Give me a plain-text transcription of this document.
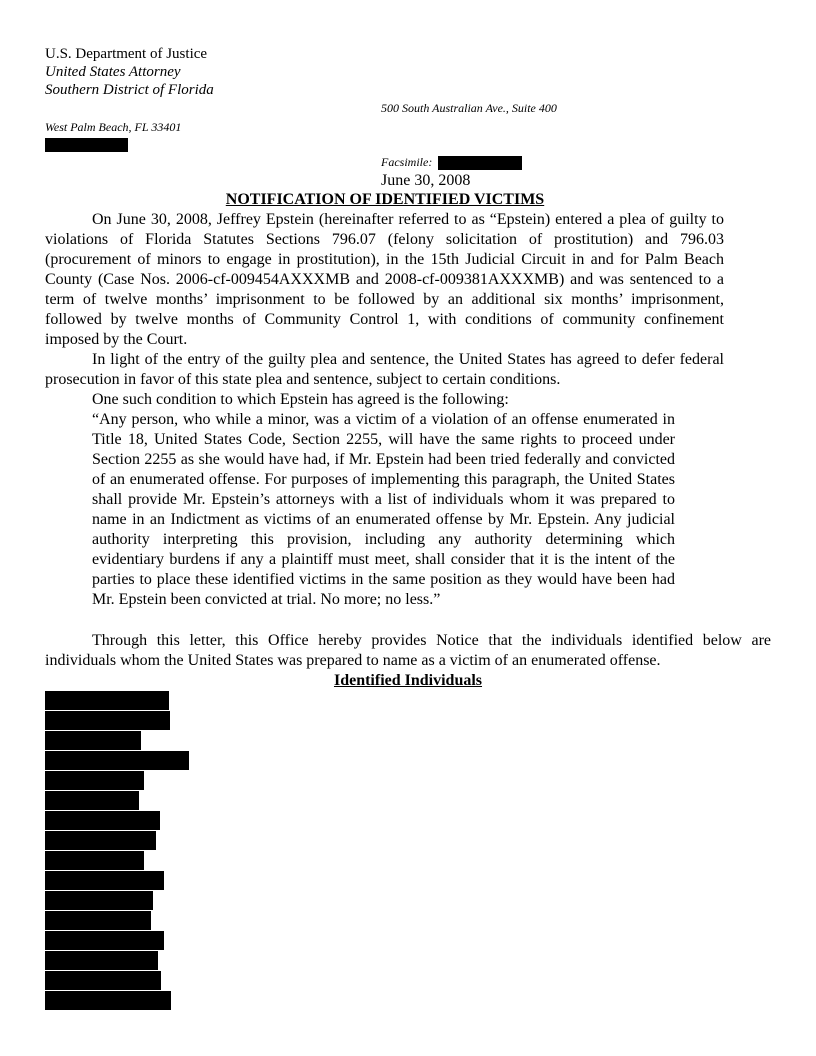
U.S. Department of Justice
United States Attorney
Southern District of Florida
500 South Australian Ave., Suite 400
West Palm Beach, FL 33401
Facsimile:
June 30, 2008
NOTIFICATION OF IDENTIFIED VICTIMS

On June 30, 2008, Jeffrey Epstein (hereinafter referred to as “Epstein) entered a plea of guilty to violations of Florida Statutes Sections 796.07 (felony solicitation of prostitution) and 796.03 (procurement of minors to engage in prostitution), in the 15th Judicial Circuit in and for Palm Beach County (Case Nos. 2006-cf-009454AXXXMB and 2008-cf-009381AXXXMB) and was sentenced to a term of twelve months’ imprisonment to be followed by an additional six months’ imprisonment, followed by twelve months of Community Control 1, with conditions of community confinement imposed by the Court.

In light of the entry of the guilty plea and sentence, the United States has agreed to defer federal prosecution in favor of this state plea and sentence, subject to certain conditions.

One such condition to which Epstein has agreed is the following:

“Any person, who while a minor, was a victim of a violation of an offense enumerated in Title 18, United States Code, Section 2255, will have the same rights to proceed under Section 2255 as she would have had, if Mr. Epstein had been tried federally and convicted of an enumerated offense. For purposes of implementing this paragraph, the United States shall provide Mr. Epstein’s attorneys with a list of individuals whom it was prepared to name in an Indictment as victims of an enumerated offense by Mr. Epstein. Any judicial authority interpreting this provision, including any authority determining which evidentiary burdens if any a plaintiff must meet, shall consider that it is the intent of the parties to place these identified victims in the same position as they would have been had Mr. Epstein been convicted at trial. No more; no less.”

Through this letter, this Office hereby provides Notice that the individuals identified below are individuals whom the United States was prepared to name as a victim of an enumerated offense.

Identified Individuals
